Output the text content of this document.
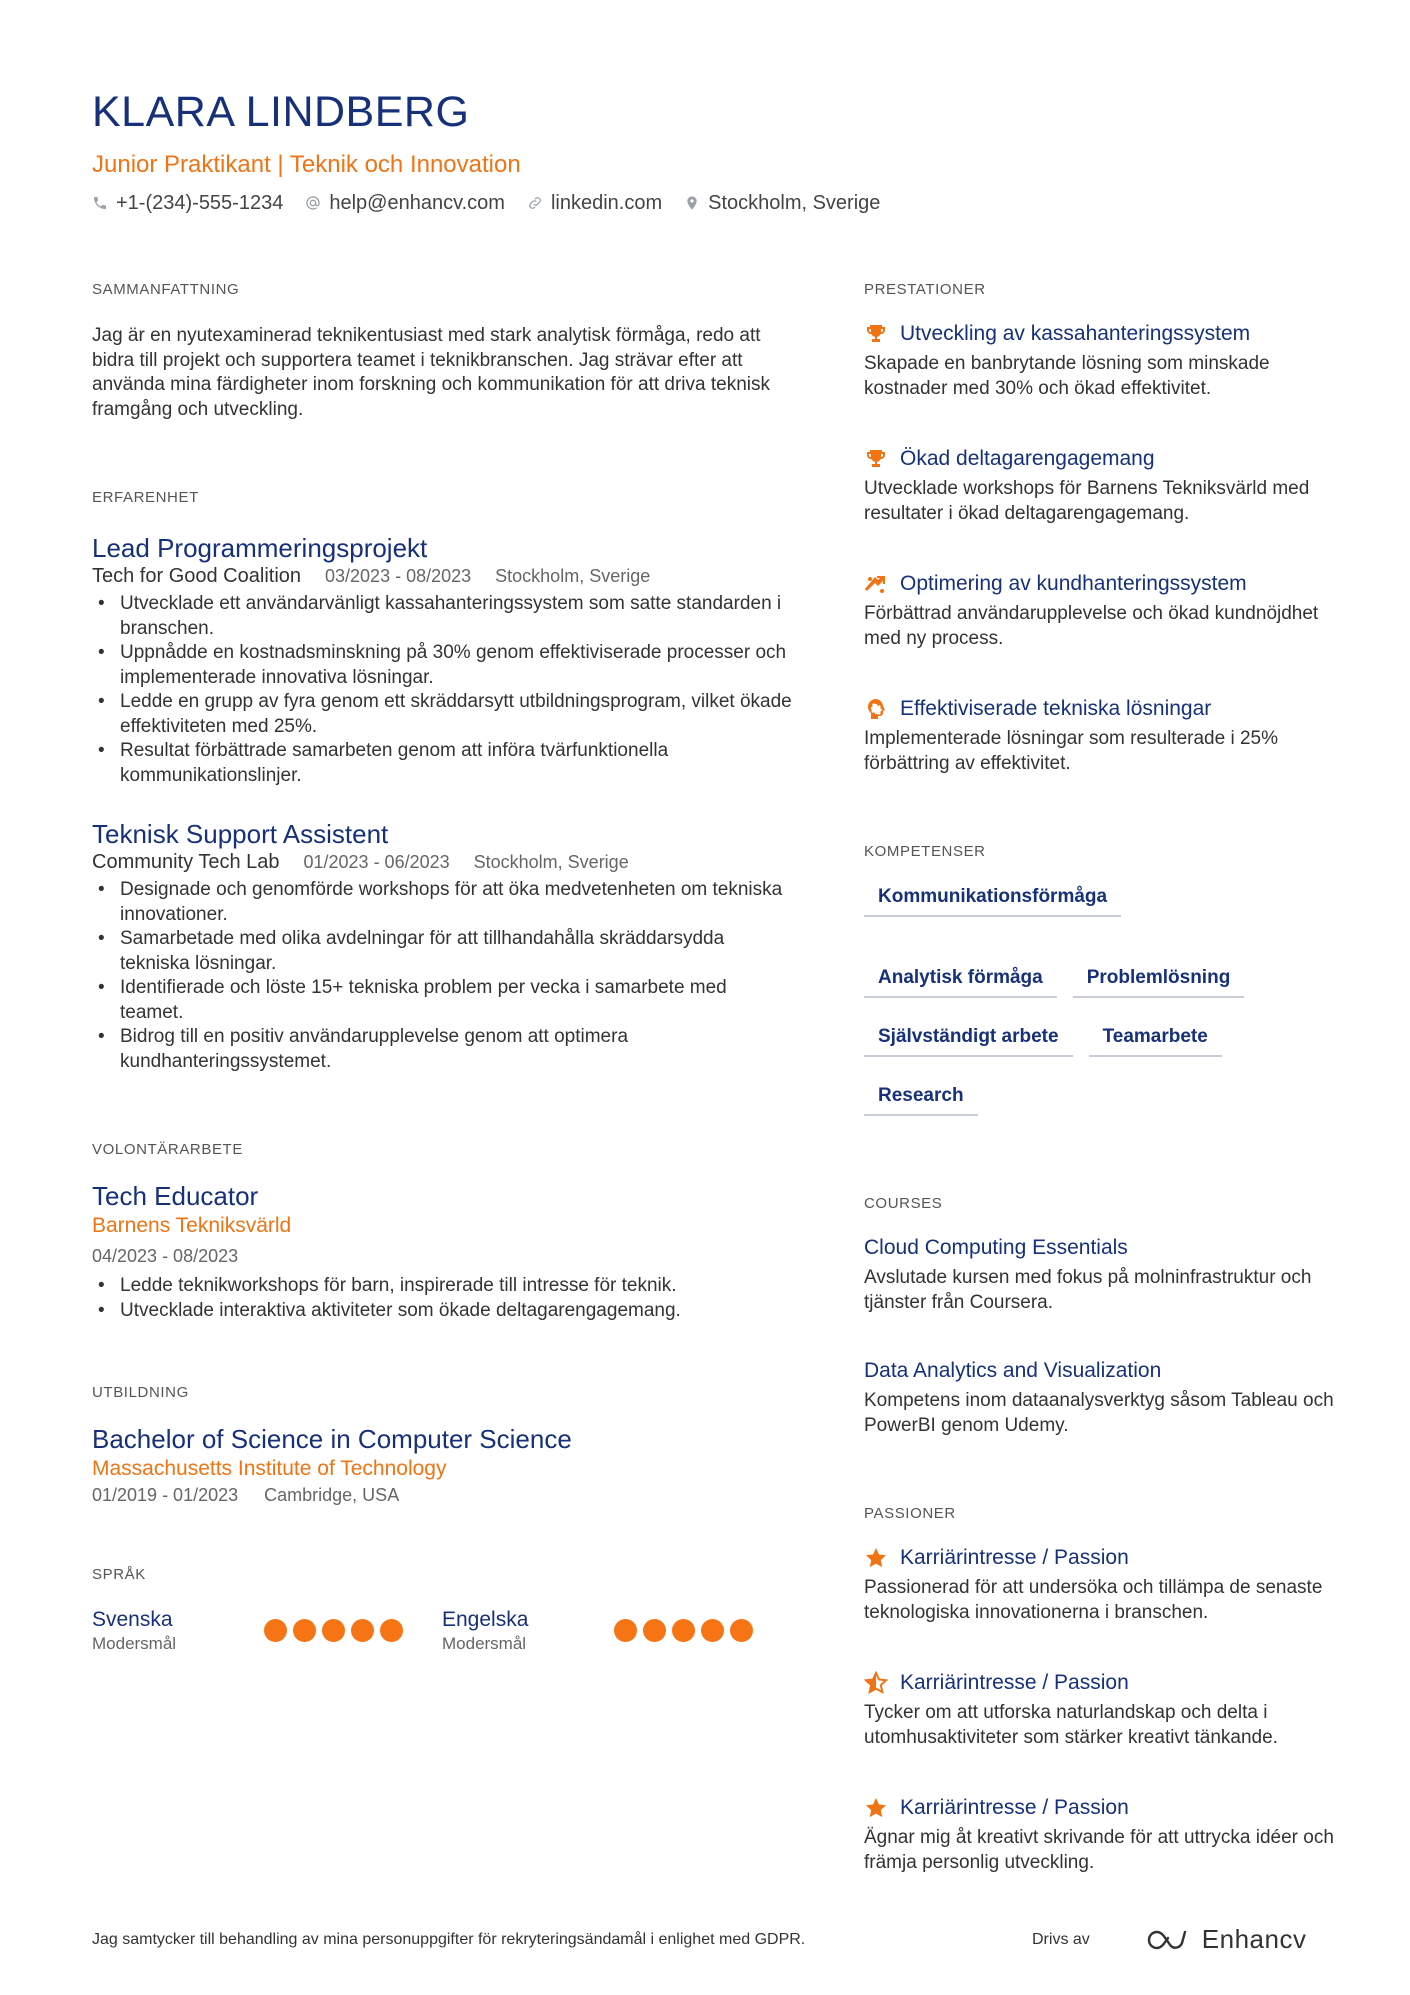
KLARA LINDBERG
Junior Praktikant | Teknik och Innovation
+1-(234)-555-1234 help@enhancv.com linkedin.com Stockholm, Sverige
SAMMANFATTNING

Jag är en nyutexaminerad teknikentusiast med stark analytisk förmåga, redo att bidra till projekt och supportera teamet i teknikbranschen. Jag strävar efter att använda mina färdigheter inom forskning och kommunikation för att driva teknisk framgång och utveckling.

ERFARENHET
Lead Programmeringsprojekt
Tech for Good Coalition 03/2023 - 08/2023 Stockholm, Sverige
• Utvecklade ett användarvänligt kassahanteringssystem som satte standarden i branschen.
• Uppnådde en kostnadsminskning på 30% genom effektiviserade processer och implementerade innovativa lösningar.
• Ledde en grupp av fyra genom ett skräddarsytt utbildningsprogram, vilket ökade effektiviteten med 25%.
• Resultat förbättrade samarbeten genom att införa tvärfunktionella kommunikationslinjer.
Teknisk Support Assistent
Community Tech Lab 01/2023 - 06/2023 Stockholm, Sverige
• Designade och genomförde workshops för att öka medvetenheten om tekniska innovationer.
• Samarbetade med olika avdelningar för att tillhandahålla skräddarsydda tekniska lösningar.
• Identifierade och löste 15+ tekniska problem per vecka i samarbete med teamet.
• Bidrog till en positiv användarupplevelse genom att optimera kundhanteringssystemet.
VOLONTÄRARBETE
Tech Educator
Barnens Tekniksvärld
04/2023 - 08/2023
• Ledde teknikworkshops för barn, inspirerade till intresse för teknik.
• Utvecklade interaktiva aktiviteter som ökade deltagarengagemang.
UTBILDNING
Bachelor of Science in Computer Science
Massachusetts Institute of Technology
01/2019 - 01/2023 Cambridge, USA
SPRÅK
Svenska
Modersmål
Engelska
Modersmål
PRESTATIONER
Utveckling av kassahanteringssystem
Skapade en banbrytande lösning som minskade kostnader med 30% och ökad effektivitet.
Ökad deltagarengagemang
Utvecklade workshops för Barnens Tekniksvärld med resultater i ökad deltagarengagemang.
Optimering av kundhanteringssystem
Förbättrad användarupplevelse och ökad kundnöjdhet med ny process.
Effektiviserade tekniska lösningar
Implementerade lösningar som resulterade i 25% förbättring av effektivitet.
KOMPETENSER
Kommunikationsförmåga
Analytisk förmåga	Problemlösning
Självständigt arbete	Teamarbete
Research
COURSES
Cloud Computing Essentials
Avslutade kursen med fokus på molninfrastruktur och tjänster från Coursera.
Data Analytics and Visualization
Kompetens inom dataanalysverktyg såsom Tableau och PowerBI genom Udemy.
PASSIONER
Karriärintresse / Passion
Passionerad för att undersöka och tillämpa de senaste teknologiska innovationerna i branschen.
Karriärintresse / Passion
Tycker om att utforska naturlandskap och delta i utomhusaktiviteter som stärker kreativt tänkande.
Karriärintresse / Passion
Ägnar mig åt kreativt skrivande för att uttrycka idéer och främja personlig utveckling.
Jag samtycker till behandling av mina personuppgifter för rekryteringsändamål i enlighet med GDPR.	Drivs av	Enhancv
